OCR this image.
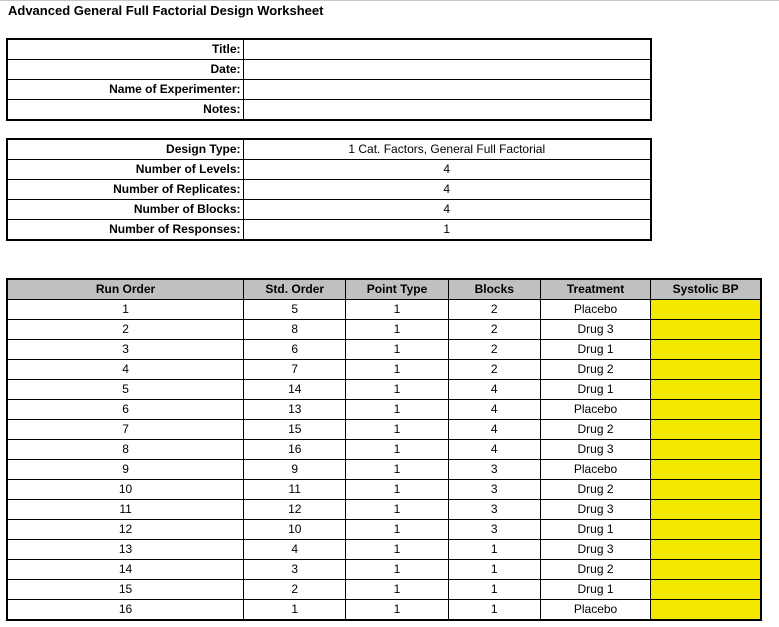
Advanced General Full Factorial Design Worksheet
Title:	
Date:	
Name of Experimenter:	
Notes:	
Design Type:	1 Cat. Factors, General Full Factorial
Number of Levels:	4
Number of Replicates:	4
Number of Blocks:	4
Number of Responses:	1
Run Order	Std. Order	Point Type	Blocks	Treatment	Systolic BP
1	5	1	2	Placebo	
2	8	1	2	Drug 3	
3	6	1	2	Drug 1	
4	7	1	2	Drug 2	
5	14	1	4	Drug 1	
6	13	1	4	Placebo	
7	15	1	4	Drug 2	
8	16	1	4	Drug 3	
9	9	1	3	Placebo	
10	11	1	3	Drug 2	
11	12	1	3	Drug 3	
12	10	1	3	Drug 1	
13	4	1	1	Drug 3	
14	3	1	1	Drug 2	
15	2	1	1	Drug 1	
16	1	1	1	Placebo	
